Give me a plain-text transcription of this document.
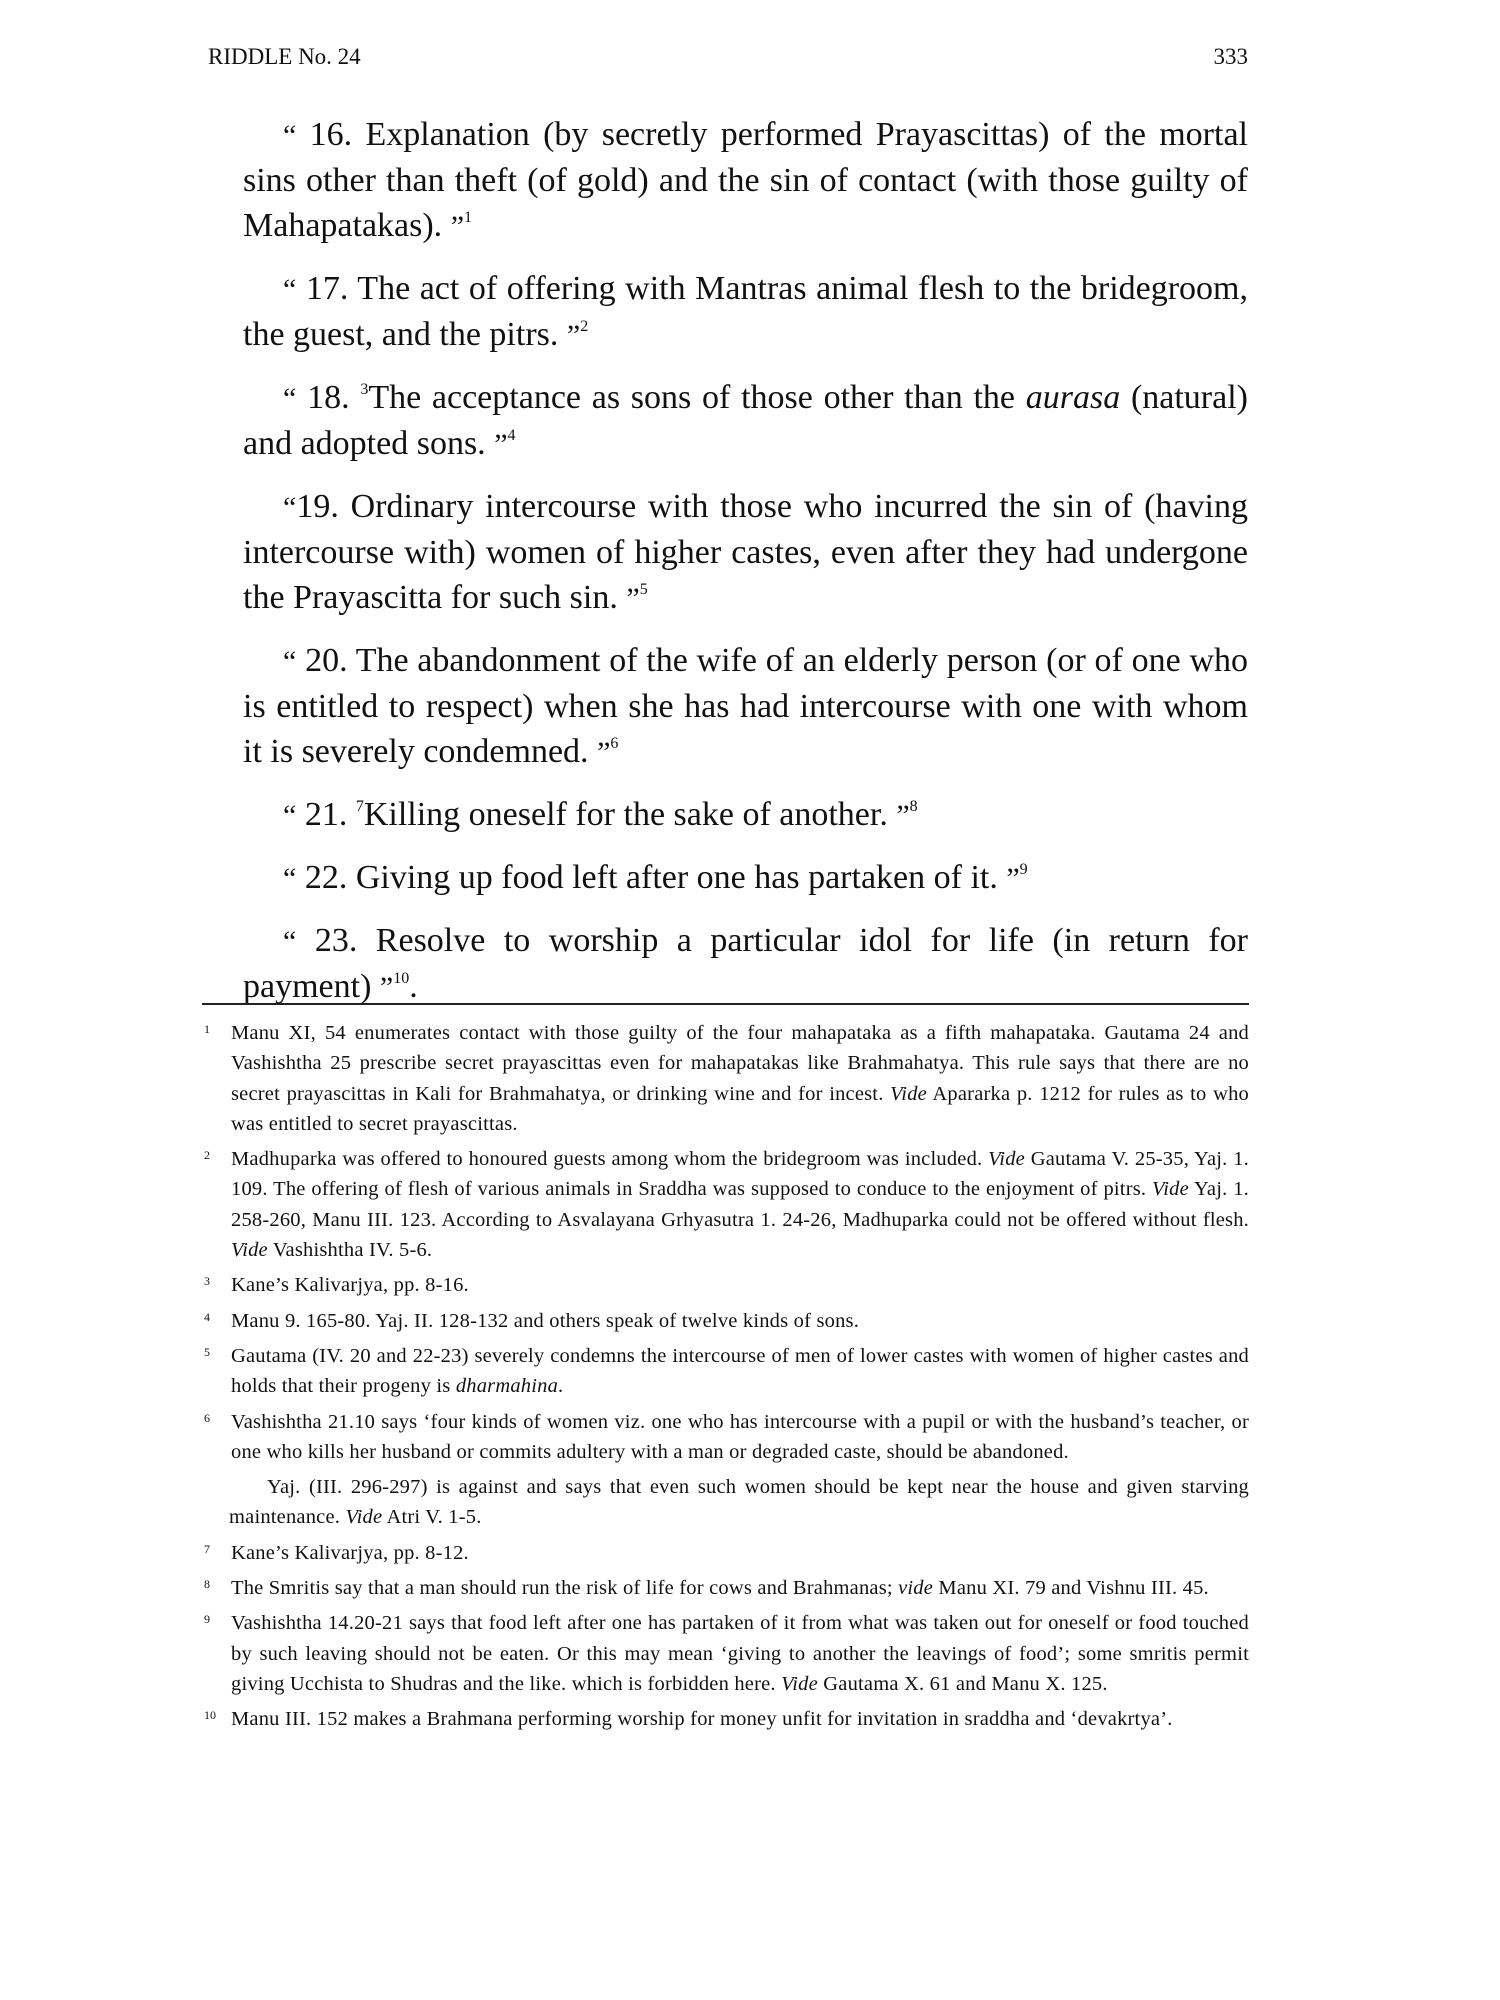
RIDDLE No. 24	333

“ 16. Explanation (by secretly performed Prayascittas) of the mortal sins other than theft (of gold) and the sin of contact (with those guilty of Mahapatakas). ”$^1$

“ 17. The act of offering with Mantras animal flesh to the bridegroom, the guest, and the pitrs. ”$^2$

“ 18. $^3$The acceptance as sons of those other than the aurasa (natural) and adopted sons. ”$^4$

“19. Ordinary intercourse with those who incurred the sin of (having intercourse with) women of higher castes, even after they had undergone the Prayascitta for such sin. ”$^5$

“ 20. The abandonment of the wife of an elderly person (or of one who is entitled to respect) when she has had intercourse with one with whom it is severely condemned. ”$^6$

“ 21. $^7$Killing oneself for the sake of another. ”$^8$

“ 22. Giving up food left after one has partaken of it. ”$^9$

“ 23. Resolve to worship a particular idol for life (in return for payment) ”$^{10}$.

1	Manu XI, 54 enumerates contact with those guilty of the four mahapataka as a fifth mahapataka. Gautama 24 and Vashishtha 25 prescribe secret prayascittas even for mahapatakas like Brahmahatya. This rule says that there are no secret prayascittas in Kali for Brahmahatya, or drinking wine and for incest. Vide Apararka p. 1212 for rules as to who was entitled to secret prayascittas.
2	Madhuparka was offered to honoured guests among whom the bridegroom was included. Vide Gautama V. 25-35, Yaj. 1. 109. The offering of flesh of various animals in Sraddha was supposed to conduce to the enjoyment of pitrs. Vide Yaj. 1. 258-260, Manu III. 123. According to Asvalayana Grhyasutra 1. 24-26, Madhuparka could not be offered without flesh. Vide Vashishtha IV. 5-6.
3	Kane’s Kalivarjya, pp. 8-16.
4	Manu 9. 165-80. Yaj. II. 128-132 and others speak of twelve kinds of sons.
5	Gautama (IV. 20 and 22-23) severely condemns the intercourse of men of lower castes with women of higher castes and holds that their progeny is dharmahina.
6	Vashishtha 21.10 says ‘four kinds of women viz. one who has intercourse with a pupil or with the husband’s teacher, or one who kills her husband or commits adultery with a man or degraded caste, should be abandoned.
Yaj. (III. 296-297) is against and says that even such women should be kept near the house and given starving maintenance. Vide Atri V. 1-5.
7	Kane’s Kalivarjya, pp. 8-12.
8	The Smritis say that a man should run the risk of life for cows and Brahmanas; vide Manu XI. 79 and Vishnu III. 45.
9	Vashishtha 14.20-21 says that food left after one has partaken of it from what was taken out for oneself or food touched by such leaving should not be eaten. Or this may mean ‘giving to another the leavings of food’; some smritis permit giving Ucchista to Shudras and the like. which is forbidden here. Vide Gautama X. 61 and Manu X. 125.
10 Manu III. 152 makes a Brahmana performing worship for money unfit for invitation in sraddha and ‘devakrtya’.
